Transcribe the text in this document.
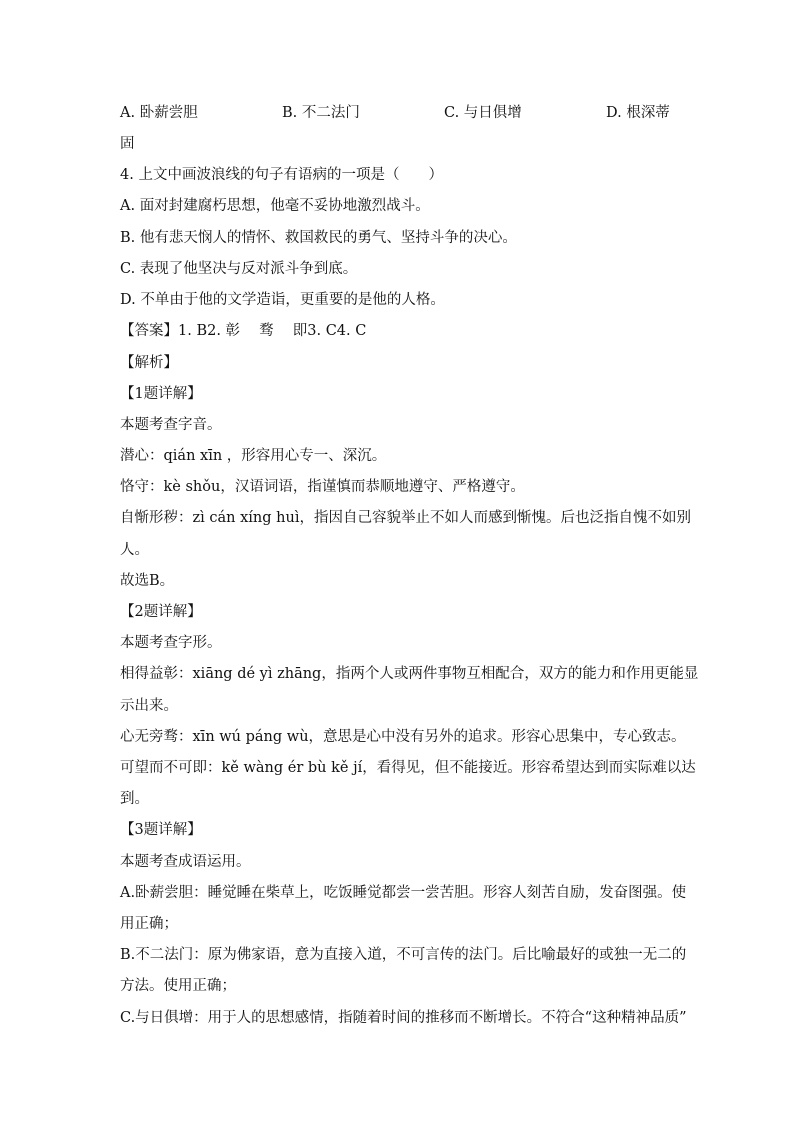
A. 卧薪尝胆	B. 不二法门	C. 与日俱增	D. 根深蒂
固
4. 上文中画波浪线的句子有语病的一项是（　　）
A. 面对封建腐朽思想，他毫不妥协地激烈战斗。
B. 他有悲天悯人的情怀、救国救民的勇气、坚持斗争的决心。
C. 表现了他坚决与反对派斗争到底。
D. 不单由于他的文学造诣，更重要的是他的人格。
【答案】1. B2. 彰　 骛　 即3. C4. C
【解析】
【1题详解】
本题考查字音。
潜心：qián xīn ，形容用心专一、深沉。
恪守：kè shǒu，汉语词语，指谨慎而恭顺地遵守、严格遵守。
自惭形秽：zì cán xíng huì，指因自己容貌举止不如人而感到惭愧。后也泛指自愧不如别
人。
故选B。
【2题详解】
本题考查字形。
相得益彰：xiāng dé yì zhāng，指两个人或两件事物互相配合，双方的能力和作用更能显
示出来。
心无旁骛：xīn wú páng wù，意思是心中没有另外的追求。形容心思集中，专心致志。
可望而不可即：kě wàng ér bù kě jí，看得见，但不能接近。形容希望达到而实际难以达
到。
【3题详解】
本题考查成语运用。
A.卧薪尝胆：睡觉睡在柴草上，吃饭睡觉都尝一尝苦胆。形容人刻苦自励，发奋图强。使
用正确；
B.不二法门：原为佛家语，意为直接入道，不可言传的法门。后比喻最好的或独一无二的
方法。使用正确；
C.与日俱增：用于人的思想感情，指随着时间的推移而不断增长。不符合“这种精神品质”
